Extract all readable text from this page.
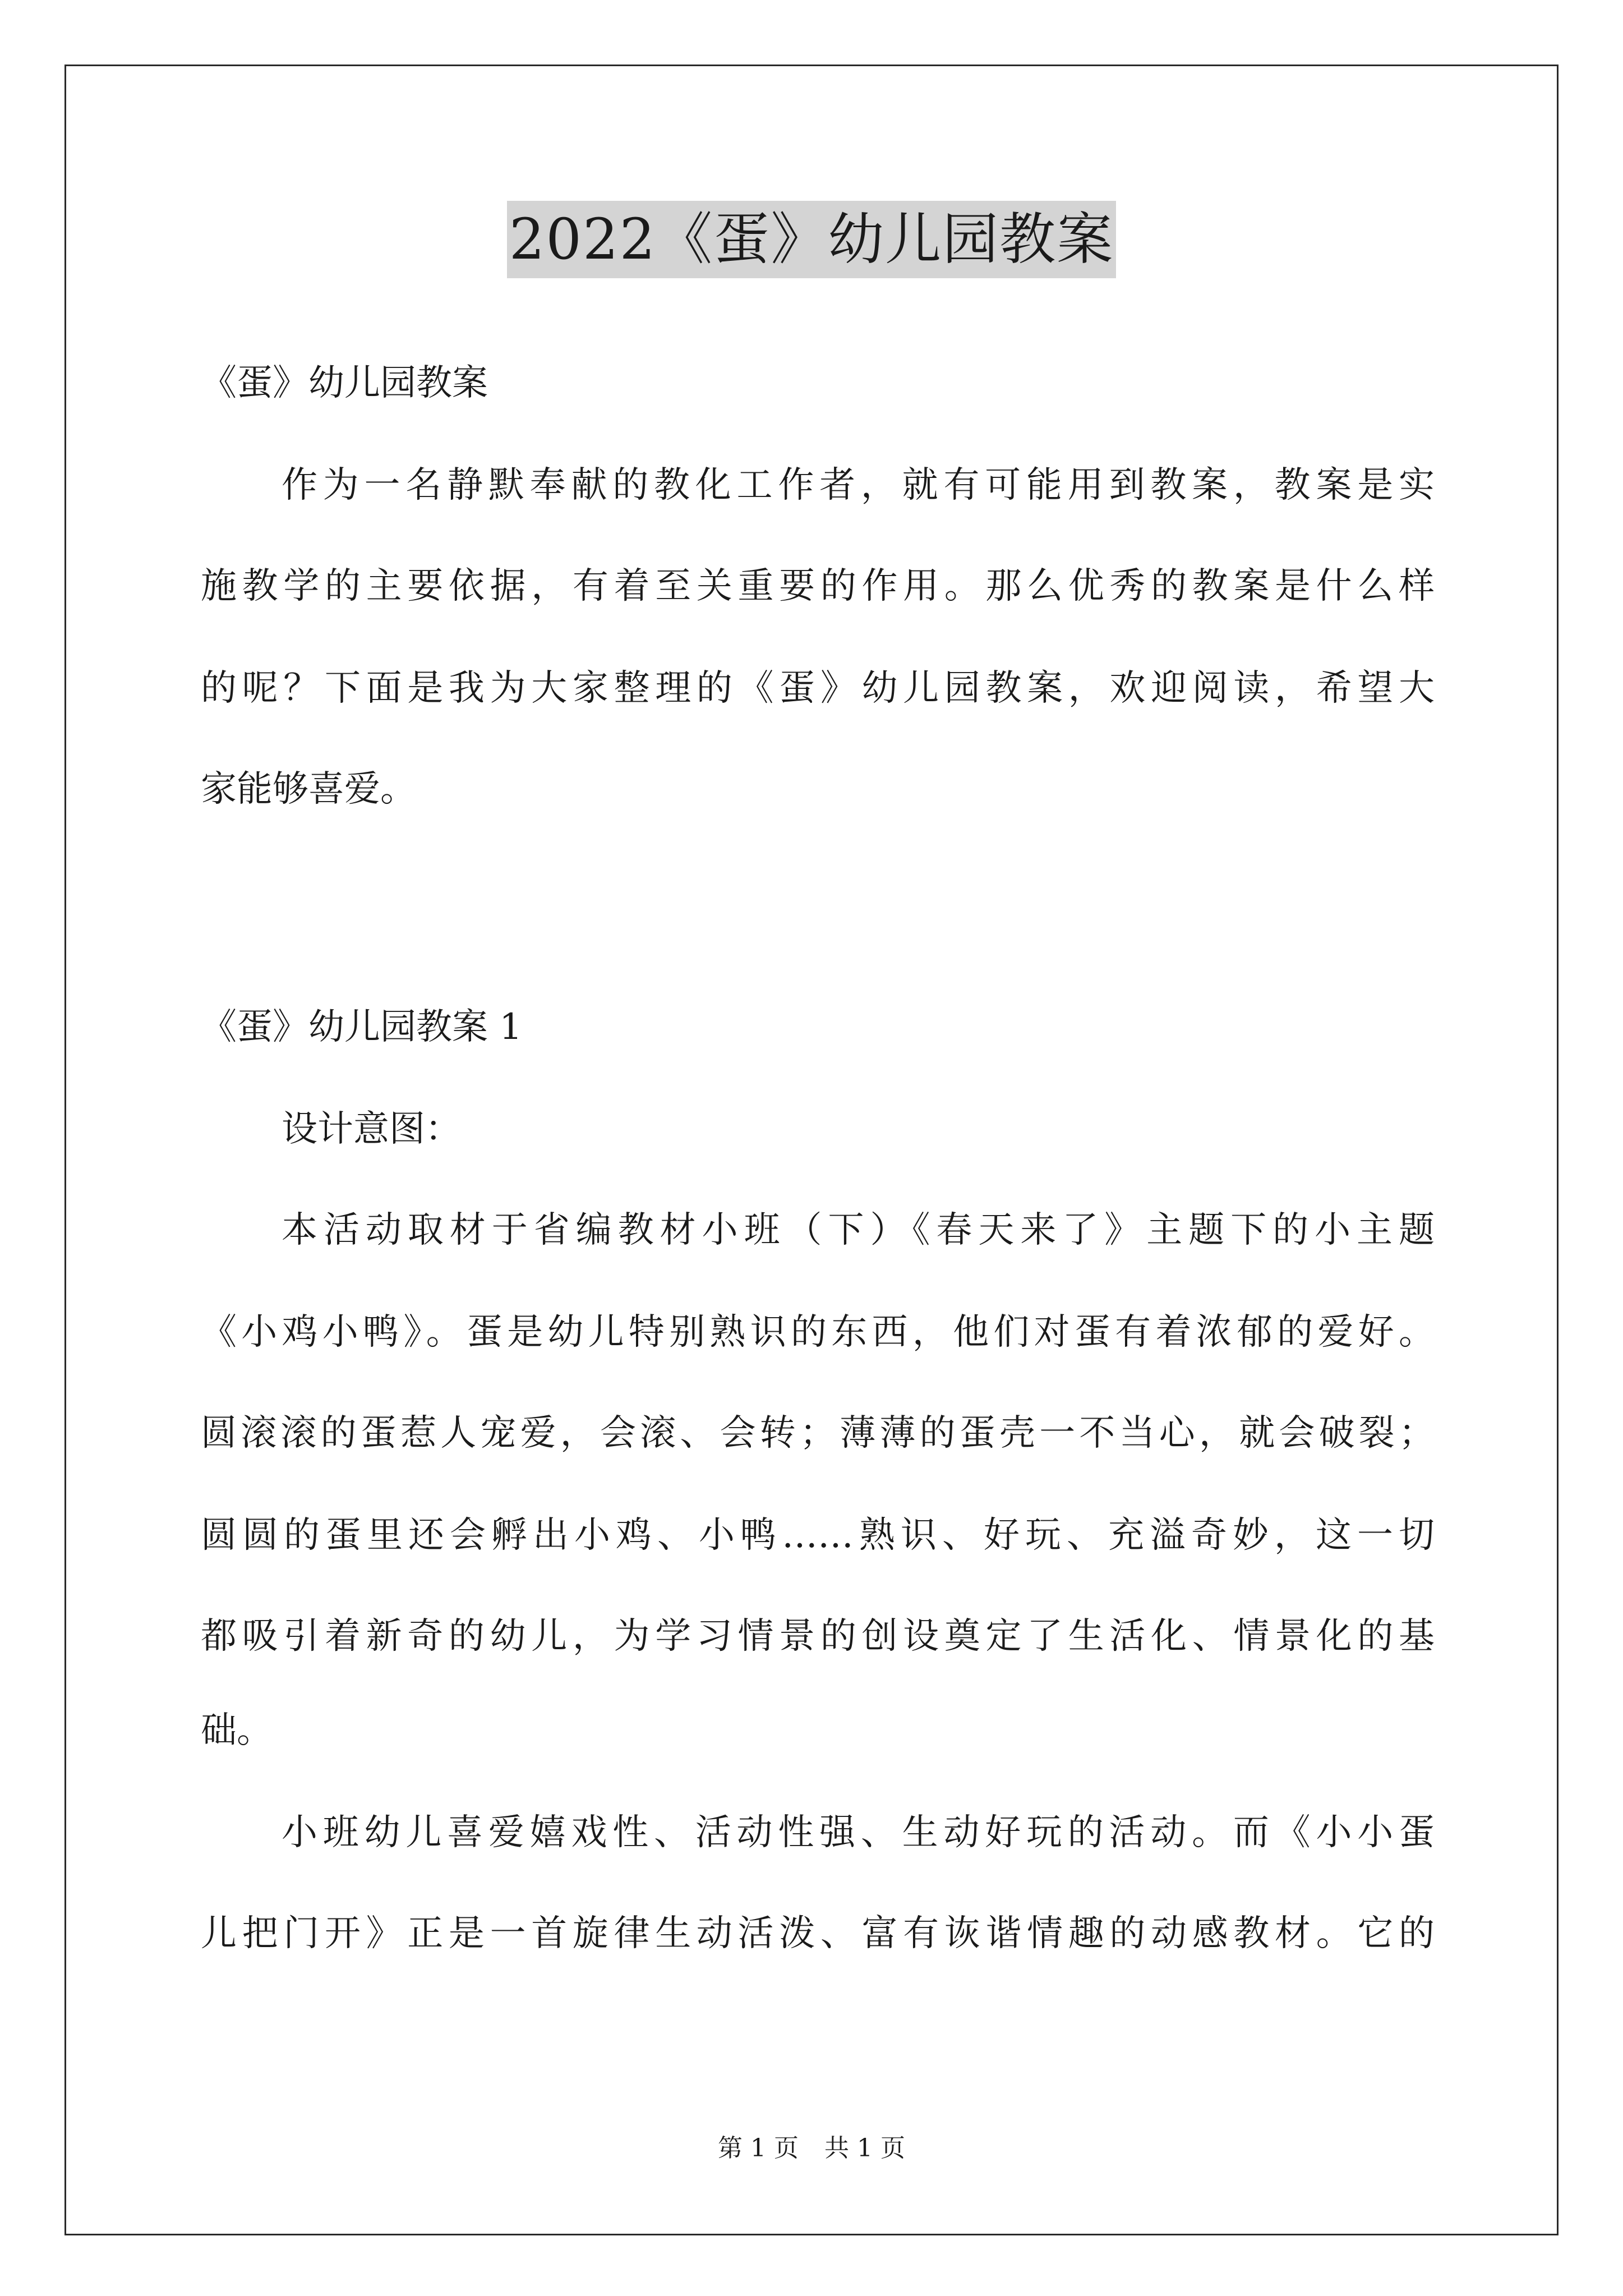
2022《蛋》幼儿园教案
《蛋》幼儿园教案
作为一名静默奉献的教化工作者，就有可能用到教案，教案是实
施教学的主要依据，有着至关重要的作用。那么优秀的教案是什么样
的呢？下面是我为大家整理的《蛋》幼儿园教案，欢迎阅读，希望大
家能够喜爱。
《蛋》幼儿园教案 1
设计意图：
本活动取材于省编教材小班（下）《春天来了》主题下的小主题
《小鸡小鸭》。蛋是幼儿特别熟识的东西，他们对蛋有着浓郁的爱好。
圆滚滚的蛋惹人宠爱，会滚、会转；薄薄的蛋壳一不当心，就会破裂；
圆圆的蛋里还会孵出小鸡、小鸭……熟识、好玩、充溢奇妙，这一切
都吸引着新奇的幼儿，为学习情景的创设奠定了生活化、情景化的基
础。
小班幼儿喜爱嬉戏性、活动性强、生动好玩的活动。而《小小蛋
儿把门开》正是一首旋律生动活泼、富有诙谐情趣的动感教材。它的
第 1 页 共 1 页
